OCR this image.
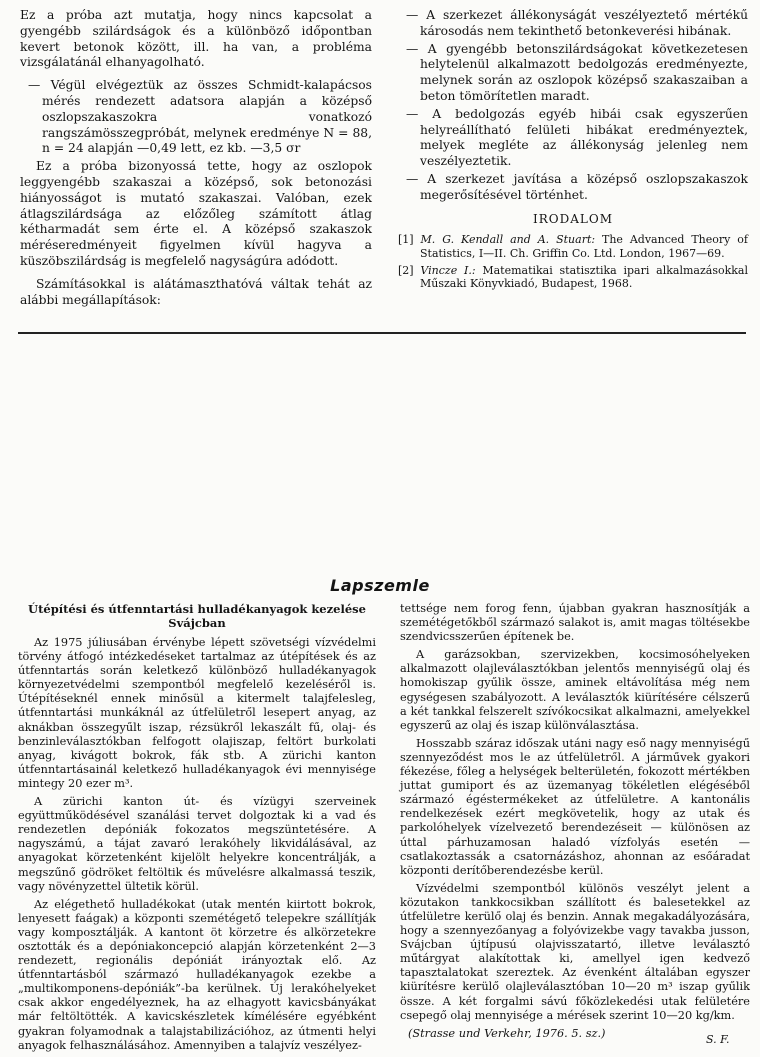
Ez a próba azt mutatja, hogy nincs kapcsolat a gyengébb szilárdságok és a különböző időpontban kevert betonok között, ill. ha van, a probléma vizsgálatánál elhanyagolható.

— Végül elvégeztük az összes Schmidt-kalapácsos mérés rendezett adatsora alapján a középső oszlopszakaszokra vonatkozó rangszámösszegpróbát, melynek eredménye N = 88, n = 24 alapján —0,49 lett, ez kb. —3,5 σr

Ez a próba bizonyossá tette, hogy az oszlopok leggyengébb szakaszai a középső, sok betonozási hiányosságot is mutató szakaszai. Valóban, ezek átlagszilárdsága az előzőleg számított átlag kétharmadát sem érte el. A középső szakaszok méréseredményeit figyelmen kívül hagyva a küszöbszilárdság is megfelelő nagyságúra adódott.

Számításokkal is alátámaszthatóvá váltak tehát az alábbi megállapítások:

— A szerkezet állékonyságát veszélyeztető mértékű károsodás nem tekinthető betonkeverési hibának.

— A gyengébb betonszilárdságokat következetesen helytelenül alkalmazott bedolgozás eredményezte, melynek során az oszlopok középső szakaszaiban a beton tömörítetlen maradt.

— A bedolgozás egyéb hibái csak egyszerűen helyreállítható felületi hibákat eredményeztek, melyek megléte az állékonyság jelenleg nem veszélyeztetik.

— A szerkezet javítása a középső oszlopszakaszok megerősítésével történhet.

IRODALOM

[1] M. G. Kendall and A. Stuart: The Advanced Theory of Statistics, I—II. Ch. Griffin Co. Ltd. London, 1967—69.

[2] Vincze I.: Matematikai statisztika ipari alkalmazásokkal Műszaki Könyvkiadó, Budapest, 1968.

Lapszemle

Útépítési és útfenntartási hulladékanyagok kezelése Svájcban

Az 1975 júliusában érvénybe lépett szövetségi vízvédelmi törvény átfogó intézkedéseket tartalmaz az útépítések és az útfenntartás során keletkező különböző hulladékanyagok környezetvédelmi szempontból megfelelő kezeléséről is. Útépítéseknél ennek minősül a kitermelt talajfelesleg, útfenntartási munkáknál az útfelületről lesepert anyag, az aknákban összegyűlt iszap, rézsükről lekaszált fű, olaj- és benzinleválasztókban felfogott olajiszap, feltört burkolati anyag, kivágott bokrok, fák stb. A zürichi kanton útfenntartásainál keletkező hulladékanyagok évi mennyisége mintegy 20 ezer m³.

A zürichi kanton út- és vízügyi szerveinek együttműködésével szanálási tervet dolgoztak ki a vad és rendezetlen depóniák fokozatos megszüntetésére. A nagyszámú, a tájat zavaró lerakóhely likvidálásával, az anyagokat körzetenként kijelölt helyekre koncentrálják, a megszűnő gödröket feltöltik és művelésre alkalmassá teszik, vagy növényzettel ültetik körül.

Az elégethető hulladékokat (utak mentén kiirtott bokrok, lenyesett faágak) a központi szemétégető telepekre szállítják vagy komposztálják. A kantont öt körzetre és alkörzetekre osztották és a depóniakoncepció alapján körzetenként 2—3 rendezett, regionális depóniát irányoztak elő. Az útfenntartásból származó hulladékanyagok ezekbe a „multikomponens-depóniák”-ba kerülnek. Új lerakóhelyeket csak akkor engedélyeznek, ha az elhagyott kavicsbányákat már feltöltötték. A kavicskészletek kímélésére egyébként gyakran folyamodnak a talajstabilizációhoz, az útmenti helyi anyagok felhasználásához. Amennyiben a talajvíz veszélyez-

tettsége nem forog fenn, újabban gyakran hasznosítják a szemétégetőkből származó salakot is, amit magas töltésekbe szendvicsszerűen építenek be.

A garázsokban, szervizekben, kocsimosóhelyeken alkalmazott olajleválasztókban jelentős mennyiségű olaj és homokiszap gyűlik össze, aminek eltávolítása még nem egységesen szabályozott. A leválasztók kiürítésére célszerű a két tankkal felszerelt szívókocsikat alkalmazni, amelyekkel egyszerű az olaj és iszap különválasztása.

Hosszabb száraz időszak utáni nagy eső nagy mennyiségű szennyeződést mos le az útfelületről. A járművek gyakori fékezése, főleg a helységek belterületén, fokozott mértékben juttat gumiport és az üzemanyag tökéletlen elégéséből származó égéstermékeket az útfelületre. A kantonális rendelkezések ezért megkövetelik, hogy az utak és parkolóhelyek vízelvezető berendezéseit — különösen az úttal párhuzamosan haladó vízfolyás esetén — csatlakoztassák a csatornázáshoz, ahonnan az esőáradat központi derítőberendezésbe kerül.

Vízvédelmi szempontból különös veszélyt jelent a közutakon tankkocsikban szállított és balesetekkel az útfelületre kerülő olaj és benzin. Annak megakadályozására, hogy a szennyezőanyag a folyóvizekbe vagy tavakba jusson, Svájcban újtípusú olajvisszatartó, illetve leválasztó műtárgyat alakítottak ki, amellyel igen kedvező tapasztalatokat szereztek. Az évenként általában egyszer kiürítésre kerülő olajleválasztóban 10—20 m³ iszap gyűlik össze. A két forgalmi sávú főközlekedési utak felületére csepegő olaj mennyisége a mérések szerint 10—20 kg/km.

(Strasse und Verkehr, 1976. 5. sz.)	S. F.
